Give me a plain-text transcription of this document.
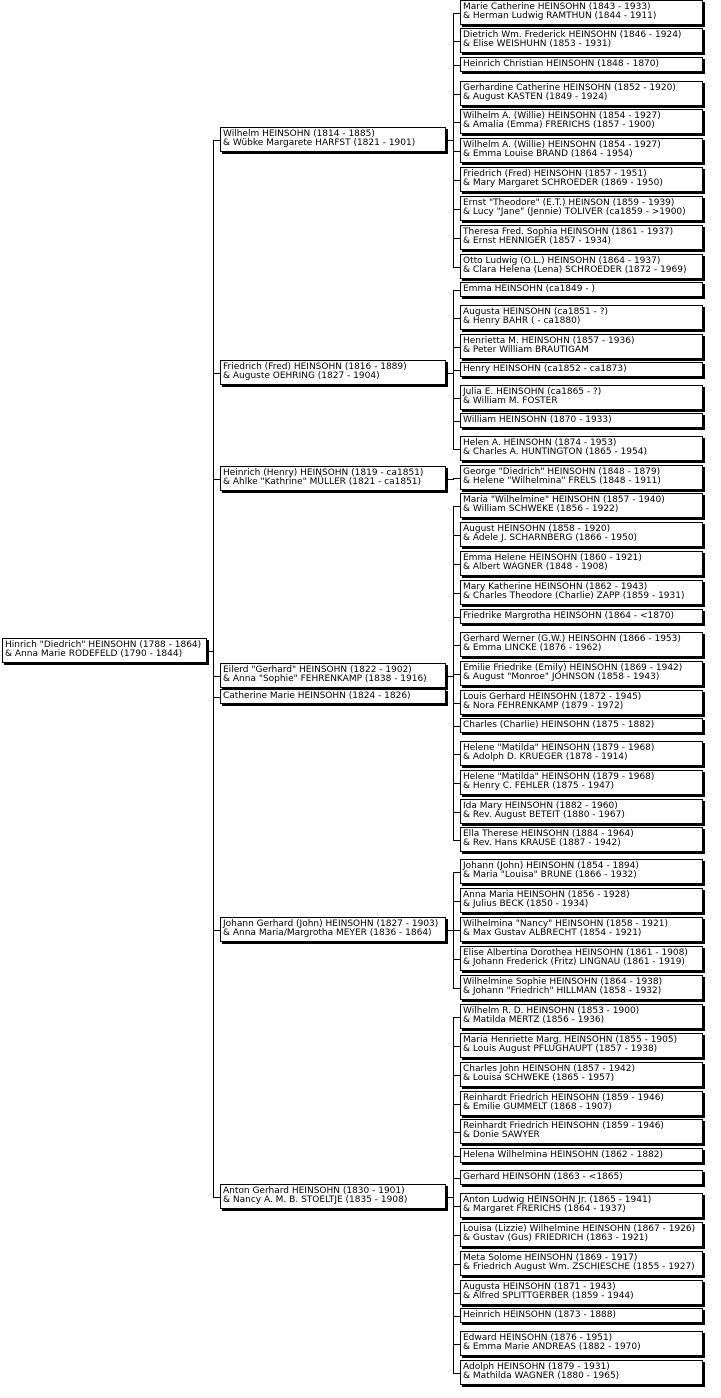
Hinrich "Diedrich" HEINSOHN (1788 - 1864)
& Anna Marie RODEFELD (1790 - 1844)
Wilhelm HEINSOHN (1814 - 1885)
& Wübke Margarete HARFST (1821 - 1901)
Marie Catherine HEINSOHN (1843 - 1933)
& Herman Ludwig RAMTHUN (1844 - 1911)
Dietrich Wm. Frederick HEINSOHN (1846 - 1924)
& Elise WEISHUHN (1853 - 1931)
Heinrich Christian HEINSOHN (1848 - 1870)
Gerhardine Catherine HEINSOHN (1852 - 1920)
& August KASTEN (1849 - 1924)
Wilhelm A. (Willie) HEINSOHN (1854 - 1927)
& Amalia (Emma) FRERICHS (1857 - 1900)
Wilhelm A. (Willie) HEINSOHN (1854 - 1927)
& Emma Louise BRAND (1864 - 1954)
Friedrich (Fred) HEINSOHN (1857 - 1951)
& Mary Margaret SCHROEDER (1869 - 1950)
Ernst "Theodore" (E.T.) HEINSON (1859 - 1939)
& Lucy "Jane" (Jennie) TOLIVER (ca1859 - >1900)
Theresa Fred. Sophia HEINSOHN (1861 - 1937)
& Ernst HENNIGER (1857 - 1934)
Otto Ludwig (O.L.) HEINSOHN (1864 - 1937)
& Clara Helena (Lena) SCHROEDER (1872 - 1969)
Friedrich (Fred) HEINSOHN (1816 - 1889)
& Auguste OEHRING (1827 - 1904)
Emma HEINSOHN (ca1849 - )
Augusta HEINSOHN (ca1851 - ?)
& Henry BAHR ( - ca1880)
Henrietta M. HEINSOHN (1857 - 1936)
& Peter William BRAUTIGAM
Henry HEINSOHN (ca1852 - ca1873)
Julia E. HEINSOHN (ca1865 - ?)
& William M. FOSTER
William HEINSOHN (1870 - 1933)
Helen A. HEINSOHN (1874 - 1953)
& Charles A. HUNTINGTON (1865 - 1954)
Heinrich (Henry) HEINSOHN (1819 - ca1851)
& Ahlke "Kathrine" MÜLLER (1821 - ca1851)
George "Diedrich" HEINSOHN (1848 - 1879)
& Helene "Wilhelmina" FRELS (1848 - 1911)
Eilerd "Gerhard" HEINSOHN (1822 - 1902)
& Anna "Sophie" FEHRENKAMP (1838 - 1916)
Maria "Wilhelmine" HEINSOHN (1857 - 1940)
& William SCHWEKE (1856 - 1922)
August HEINSOHN (1858 - 1920)
& Adele J. SCHARNBERG (1866 - 1950)
Emma Helene HEINSOHN (1860 - 1921)
& Albert WAGNER (1848 - 1908)
Mary Katherine HEINSOHN (1862 - 1943)
& Charles Theodore (Charlie) ZAPP (1859 - 1931)
Friedrike Margrotha HEINSOHN (1864 - <1870)
Gerhard Werner (G.W.) HEINSOHN (1866 - 1953)
& Emma LINCKE (1876 - 1962)
Emilie Friedrike (Emily) HEINSOHN (1869 - 1942)
& August "Monroe" JOHNSON (1858 - 1943)
Louis Gerhard HEINSOHN (1872 - 1945)
& Nora FEHRENKAMP (1879 - 1972)
Charles (Charlie) HEINSOHN (1875 - 1882)
Helene "Matilda" HEINSOHN (1879 - 1968)
& Adolph D. KRUEGER (1878 - 1914)
Helene "Matilda" HEINSOHN (1879 - 1968)
& Henry C. FEHLER (1875 - 1947)
Ida Mary HEINSOHN (1882 - 1960)
& Rev. August BETEIT (1880 - 1967)
Ella Therese HEINSOHN (1884 - 1964)
& Rev. Hans KRAUSE (1887 - 1942)
Catherine Marie HEINSOHN (1824 - 1826)
Johann Gerhard (John) HEINSOHN (1827 - 1903)
& Anna Maria/Margrotha MEYER (1836 - 1864)
Johann (John) HEINSOHN (1854 - 1894)
& Maria "Louisa" BRUNE (1866 - 1932)
Anna Maria HEINSOHN (1856 - 1928)
& Julius BECK (1850 - 1934)
Wilhelmina "Nancy" HEINSOHN (1858 - 1921)
& Max Gustav ALBRECHT (1854 - 1921)
Elise Albertina Dorothea HEINSOHN (1861 - 1908)
& Johann Frederick (Fritz) LINGNAU (1861 - 1919)
Wilhelmine Sophie HEINSOHN (1864 - 1938)
& Johann "Friedrich" HILLMAN (1858 - 1932)
Anton Gerhard HEINSOHN (1830 - 1901)
& Nancy A. M. B. STOELTJE (1835 - 1908)
Wilhelm R. D. HEINSOHN (1853 - 1900)
& Matilda MERTZ (1856 - 1936)
Maria Henriette Marg. HEINSOHN (1855 - 1905)
& Louis August PFLUGHAUPT (1857 - 1938)
Charles John HEINSOHN (1857 - 1942)
& Louisa SCHWEKE (1865 - 1957)
Reinhardt Friedrich HEINSOHN (1859 - 1946)
& Emilie GUMMELT (1868 - 1907)
Reinhardt Friedrich HEINSOHN (1859 - 1946)
& Donie SAWYER
Helena Wilhelmina HEINSOHN (1862 - 1882)
Gerhard HEINSOHN (1863 - <1865)
Anton Ludwig HEINSOHN Jr. (1865 - 1941)
& Margaret FRERICHS (1864 - 1937)
Louisa (Lizzie) Wilhelmine HEINSOHN (1867 - 1926)
& Gustav (Gus) FRIEDRICH (1863 - 1921)
Meta Solome HEINSOHN (1869 - 1917)
& Friedrich August Wm. ZSCHIESCHE (1855 - 1927)
Augusta HEINSOHN (1871 - 1943)
& Alfred SPLITTGERBER (1859 - 1944)
Heinrich HEINSOHN (1873 - 1888)
Edward HEINSOHN (1876 - 1951)
& Emma Marie ANDREAS (1882 - 1970)
Adolph HEINSOHN (1879 - 1931)
& Mathilda WAGNER (1880 - 1965)
